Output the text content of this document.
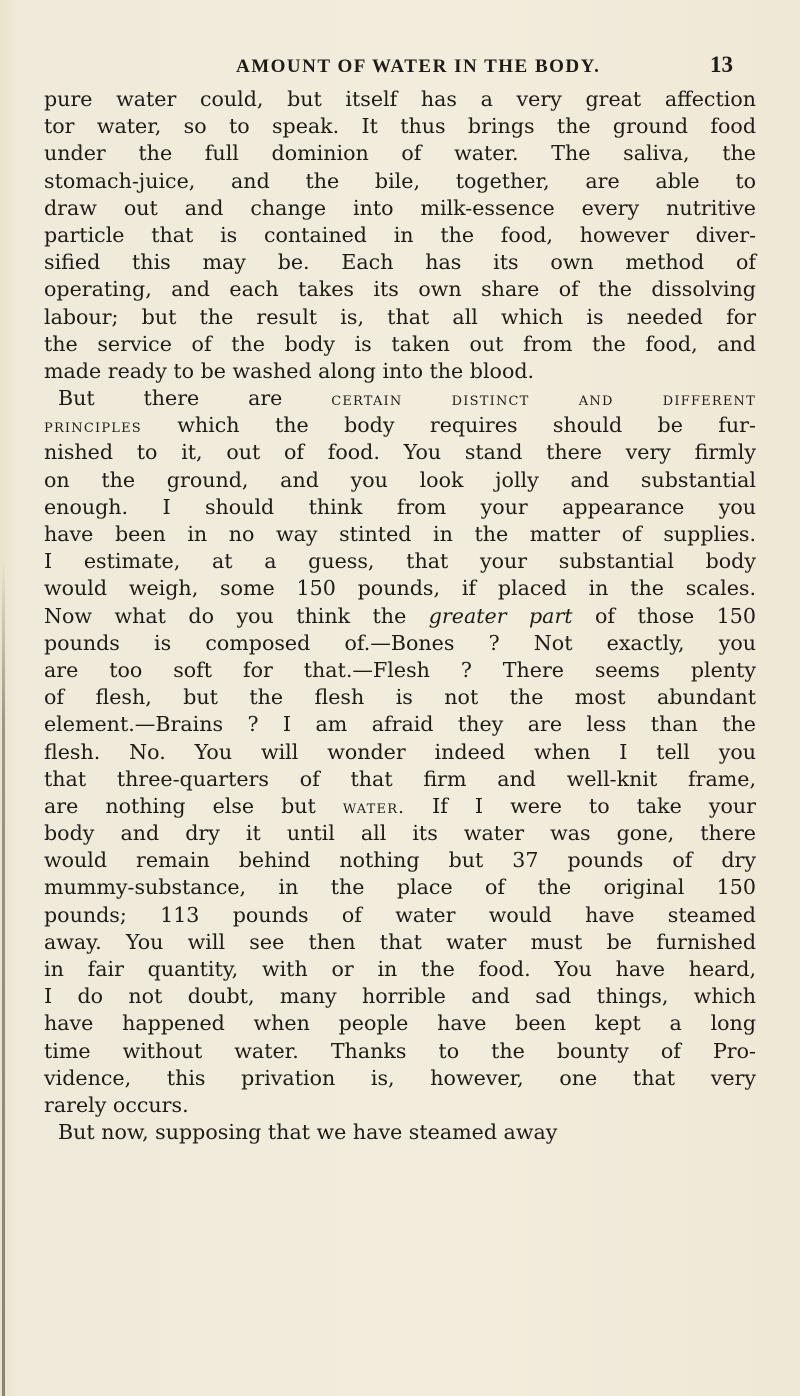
AMOUNT OF WATER IN THE BODY.	13
pure water could, but itself has a very great affection
tor water, so to speak. It thus brings the ground food
under the full dominion of water. The saliva, the
stomach-juice, and the bile, together, are able to
draw out and change into milk-essence every nutritive
particle that is contained in the food, however diver-
sified this may be. Each has its own method of
operating, and each takes its own share of the dissolving
labour; but the result is, that all which is needed for
the service of the body is taken out from the food, and
made ready to be washed along into the blood.
But there are certain distinct and different
principles which the body requires should be fur-
nished to it, out of food. You stand there very firmly
on the ground, and you look jolly and substantial
enough. I should think from your appearance you
have been in no way stinted in the matter of supplies.
I estimate, at a guess, that your substantial body
would weigh, some 150 pounds, if placed in the scales.
Now what do you think the greater part of those 150
pounds is composed of.—Bones ? Not exactly, you
are too soft for that.—Flesh ? There seems plenty
of flesh, but the flesh is not the most abundant
element.—Brains ? I am afraid they are less than the
flesh. No. You will wonder indeed when I tell you
that three-quarters of that firm and well-knit frame,
are nothing else but water. If I were to take your
body and dry it until all its water was gone, there
would remain behind nothing but 37 pounds of dry
mummy-substance, in the place of the original 150
pounds; 113 pounds of water would have steamed
away. You will see then that water must be furnished
in fair quantity, with or in the food. You have heard,
I do not doubt, many horrible and sad things, which
have happened when people have been kept a long
time without water. Thanks to the bounty of Pro-
vidence, this privation is, however, one that very
rarely occurs.
But now, supposing that we have steamed away
